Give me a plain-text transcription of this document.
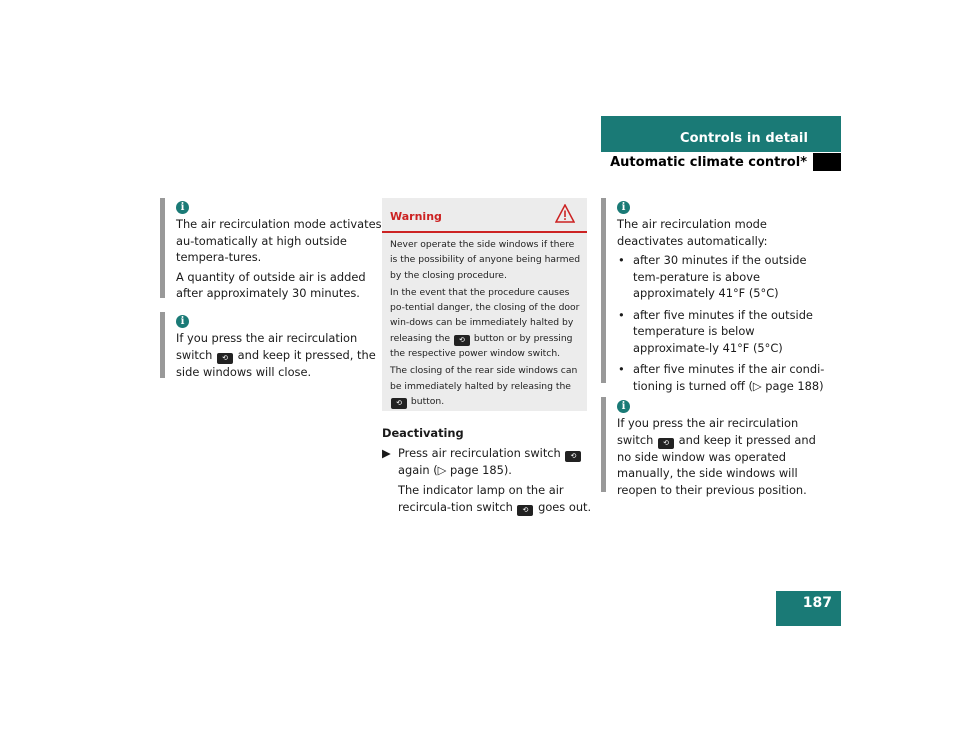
Controls in detail
Automatic climate control*
i

The air recirculation mode activates au-tomatically at high outside tempera-tures.

A quantity of outside air is added after approximately 30 minutes.

i

If you press the air recirculation switch ⟲ and keep it pressed, the side windows will close.

Warning

Never operate the side windows if there is the possibility of anyone being harmed by the closing procedure.

In the event that the procedure causes po-tential danger, the closing of the door win-dows can be immediately halted by releasing the ⟲ button or by pressing the respective power window switch.

The closing of the rear side windows can be immediately halted by releasing the ⟲ button.

Deactivating
▶ Press air recirculation switch ⟲ again (▷ page 185).

The indicator lamp on the air recircula-tion switch ⟲ goes out.

i

The air recirculation mode deactivates automatically:

• after 30 minutes if the outside tem-perature is above approximately 41°F (5°C)
• after five minutes if the outside temperature is below approximate-ly 41°F (5°C)
• after five minutes if the air condi-tioning is turned off (▷ page 188)
i

If you press the air recirculation switch ⟲ and keep it pressed and no side window was operated manually, the side windows will reopen to their previous position.

187
